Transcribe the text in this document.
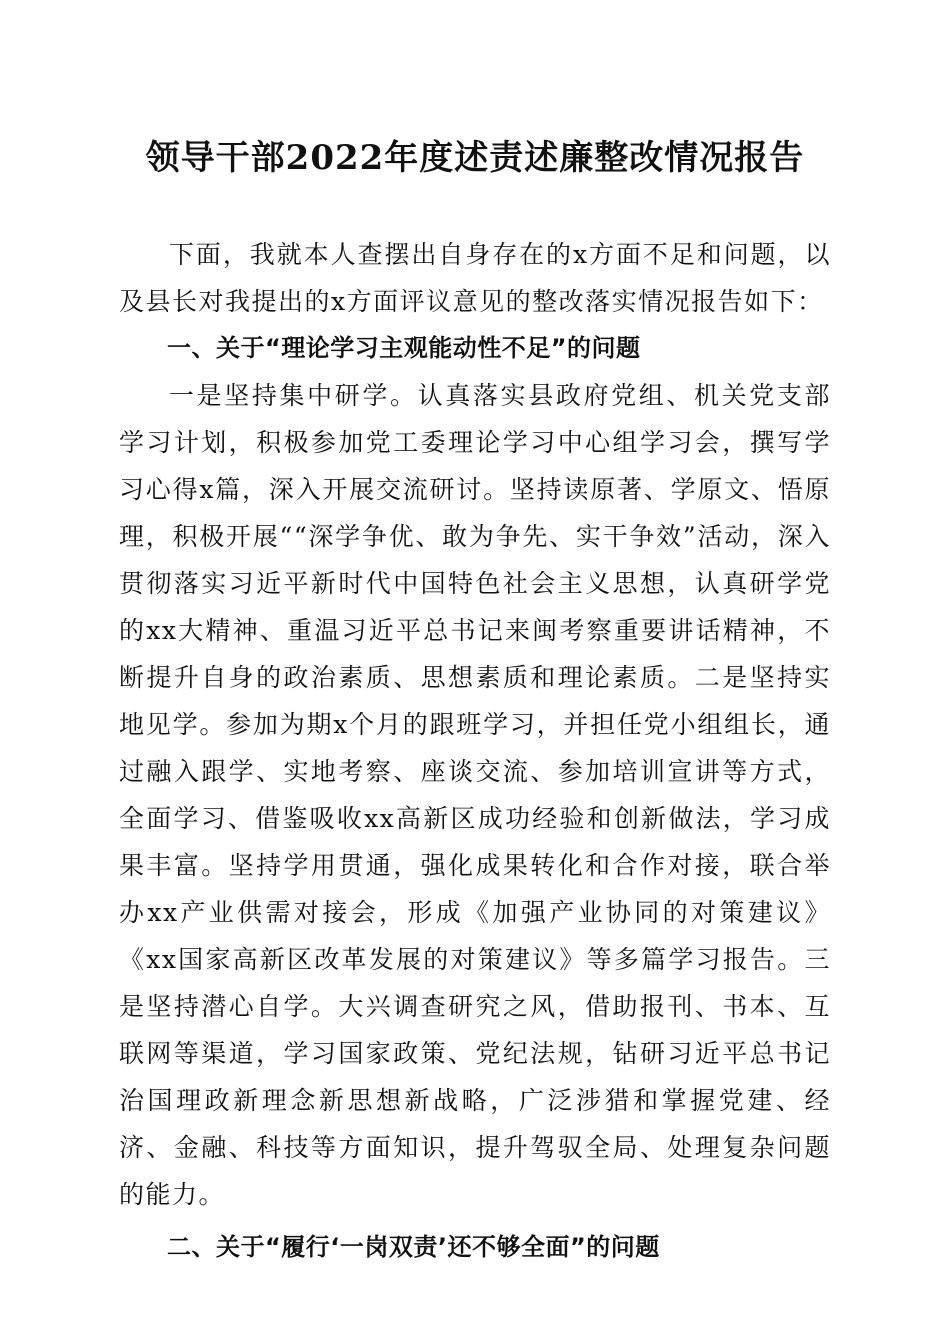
领导干部2022年度述责述廉整改情况报告

下面，我就本人查摆出自身存在的x方面不足和问题，以及县长对我提出的x方面评议意见的整改落实情况报告如下：

一、关于“理论学习主观能动性不足”的问题

一是坚持集中研学。认真落实县政府党组、机关党支部学习计划，积极参加党工委理论学习中心组学习会，撰写学习心得x篇，深入开展交流研讨。坚持读原著、学原文、悟原理，积极开展““深学争优、敢为争先、实干争效”活动，深入贯彻落实习近平新时代中国特色社会主义思想，认真研学党的xx大精神、重温习近平总书记来闽考察重要讲话精神，不断提升自身的政治素质、思想素质和理论素质。二是坚持实地见学。参加为期x个月的跟班学习，并担任党小组组长，通过融入跟学、实地考察、座谈交流、参加培训宣讲等方式，全面学习、借鉴吸收xx高新区成功经验和创新做法，学习成果丰富。坚持学用贯通，强化成果转化和合作对接，联合举办xx产业供需对接会，形成《加强产业协同的对策建议》《xx国家高新区改革发展的对策建议》等多篇学习报告。三是坚持潜心自学。大兴调查研究之风，借助报刊、书本、互联网等渠道，学习国家政策、党纪法规，钻研习近平总书记治国理政新理念新思想新战略，广泛涉猎和掌握党建、经济、金融、科技等方面知识，提升驾驭全局、处理复杂问题的能力。

二、关于“履行‘一岗双责’还不够全面”的问题
